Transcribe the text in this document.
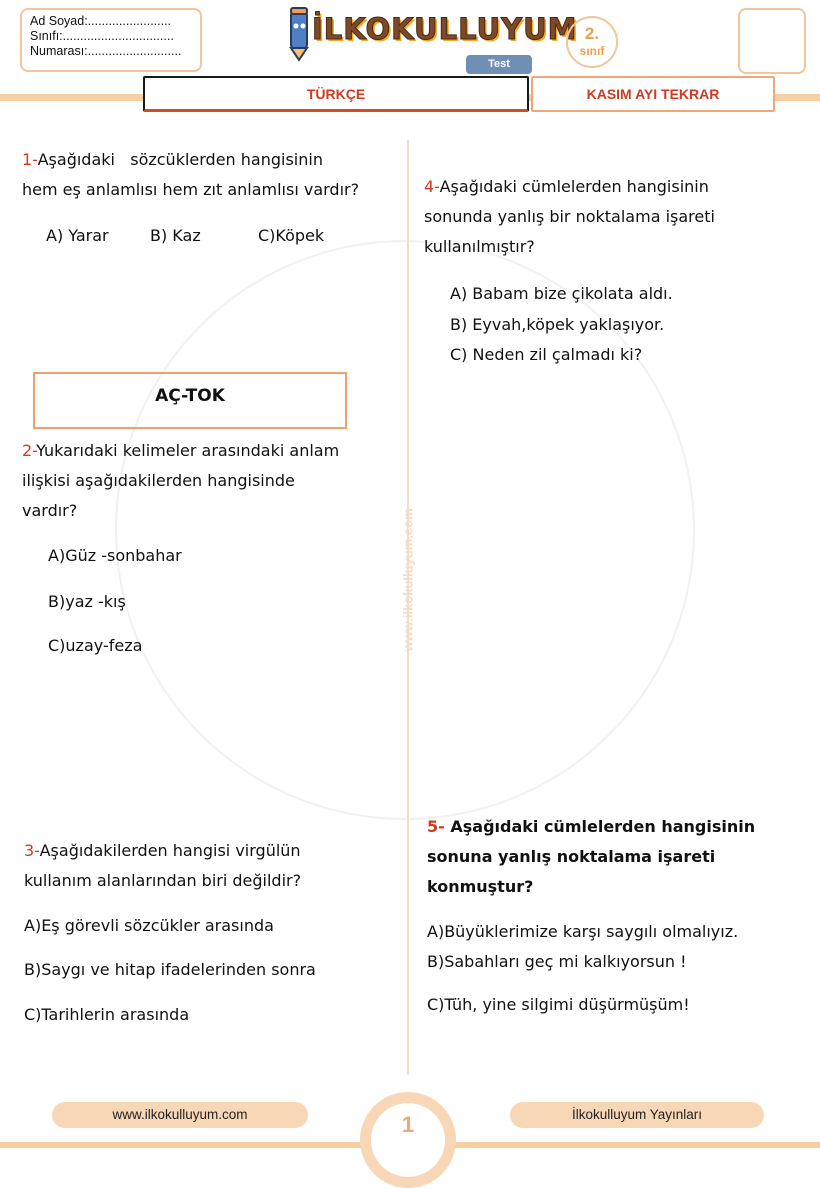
www.ilkokulluyum.com
Ad Soyad:........................
Sınıfı:................................
Numarası:...........................
İLKOKULLUYUM
Test
2.
sınıf
TÜRKÇE	KASIM AYI TEKRAR
1-Aşağıdaki   sözcüklerden hangisinin
hem eş anlamlısı hem zıt anlamlısı vardır?
A) Yarar	B) Kaz	C)Köpek
AÇ-TOK
2-Yukarıdaki kelimeler arasındaki anlam
ilişkisi aşağıdakilerden hangisinde
vardır?
A)Güz -sonbahar
B)yaz -kış
C)uzay-feza
3-Aşağıdakilerden hangisi virgülün
kullanım alanlarından biri değildir?
A)Eş görevli sözcükler arasında
B)Saygı ve hitap ifadelerinden sonra
C)Tarihlerin arasında
4-Aşağıdaki cümlelerden hangisinin
sonunda yanlış bir noktalama işareti
kullanılmıştır?
A) Babam bize çikolata aldı.
B) Eyvah,köpek yaklaşıyor.
C) Neden zil çalmadı ki?
5- Aşağıdaki cümlelerden hangisinin
sonuna yanlış noktalama işareti
konmuştur?
A)Büyüklerimize karşı saygılı olmalıyız.
B)Sabahları geç mi kalkıyorsun !
C)Tüh, yine silgimi düşürmüşüm!
1
www.ilkokulluyum.com	İlkokulluyum Yayınları
